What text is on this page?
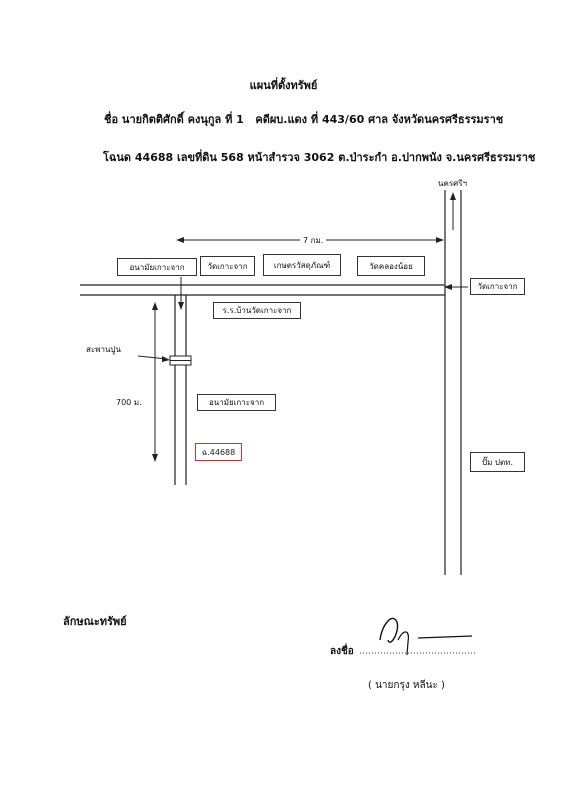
แผนที่ตั้งทรัพย์
ชื่อ นายกิตติศักดิ์ คงนุกูล ที่ 1 คดีผบ.แดง ที่ 443/60 ศาล จังหวัดนครศรีธรรมราช
โฉนด 44688 เลขที่ดิน 568 หน้าสำรวจ 3062 ต.ป่าระกำ อ.ปากพนัง จ.นครศรีธรรมราช
นครศรีฯ
7 กม.
อนามัยเกาะจาก	วัดเกาะจาก	เกษตรวัสดุภัณฑ์	วัดคลองน้อย
วัดเกาะจาก
ร.ร.บ้านวัดเกาะจาก
สะพานปูน
700 ม.	อนามัยเกาะจาก
ฉ.44688
ปั๊ม ปตท.
ลักษณะทรัพย์
ลงชื่อ
( นายกรุง หลีนะ )
